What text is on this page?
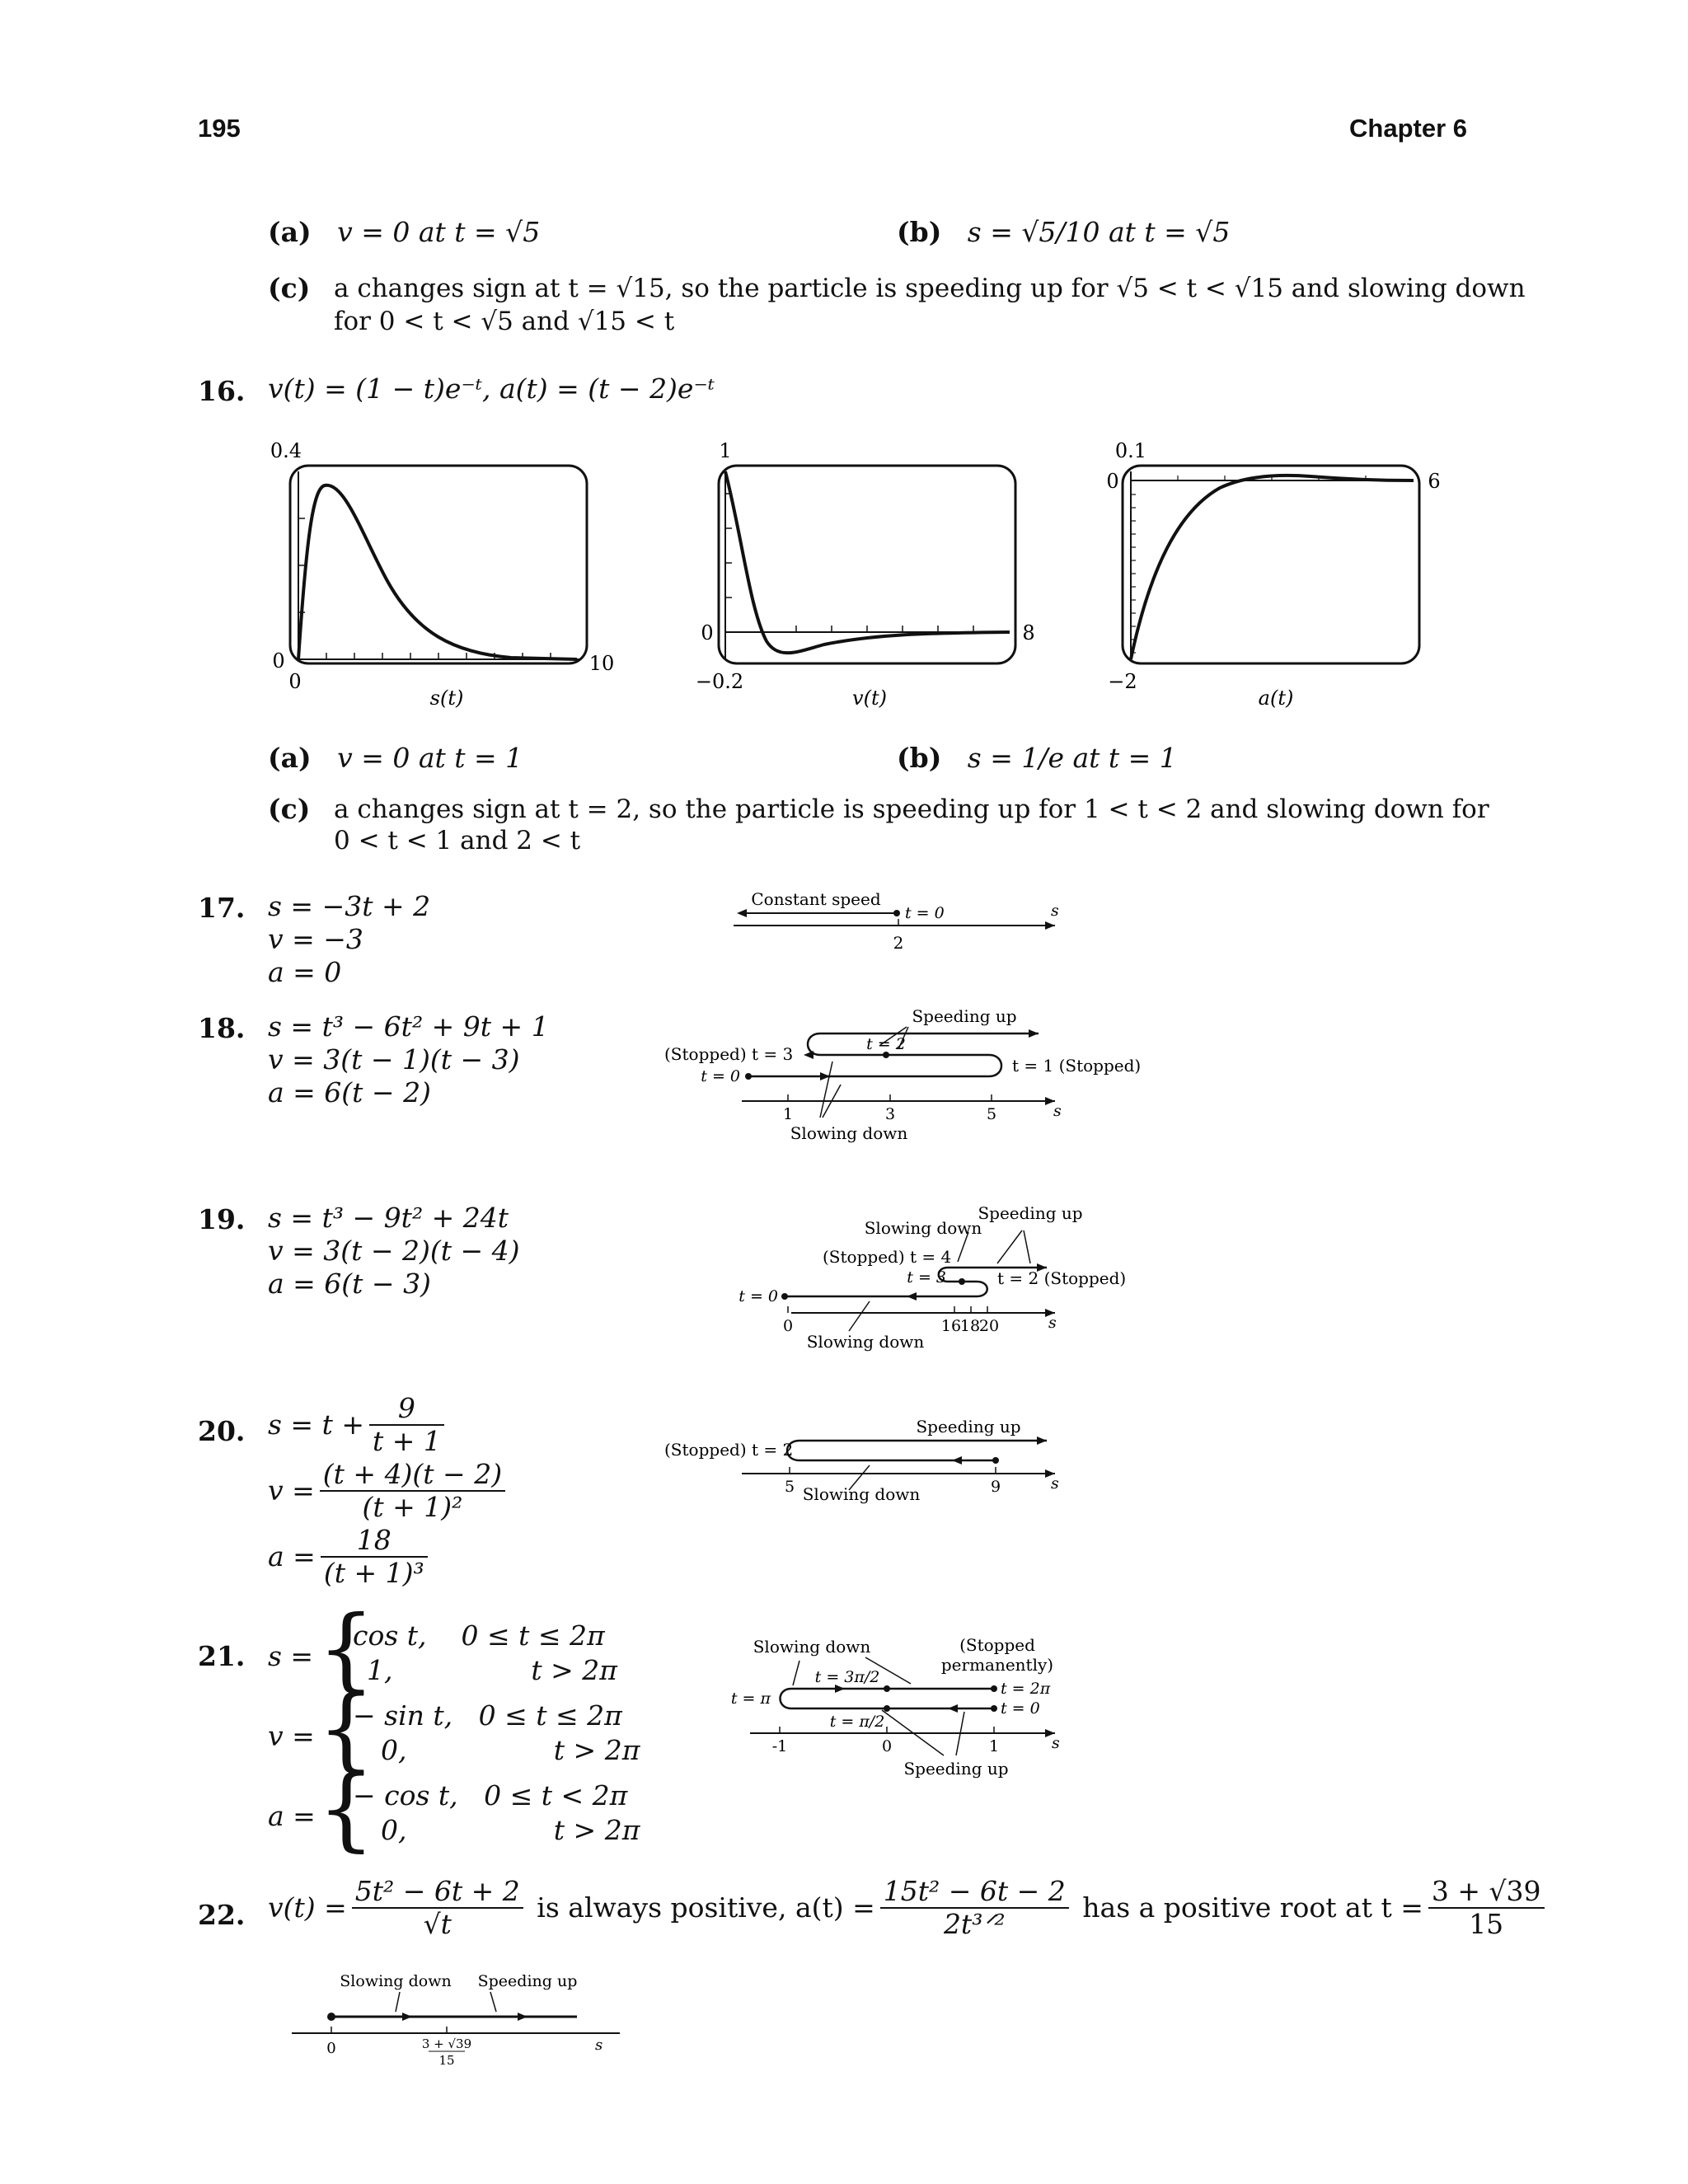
195	Chapter 6
(a) v = 0 at t = √5	(b) s = √5/10 at t = √5
(c) a changes sign at t = √15, so the particle is speeding up for √5 < t < √15 and slowing down
for 0 < t < √5 and √15 < t
16. v(t) = (1 − t)e⁻ᵗ, a(t) = (t − 2)e⁻ᵗ
0.4
0
0
10
s(t)
1
0	8
−0.2
v(t)
0.1
0	6
−2
a(t)
(a) v = 0 at t = 1	(b) s = 1/e at t = 1
(c) a changes sign at t = 2, so the particle is speeding up for 1 < t < 2 and slowing down for
0 < t < 1 and 2 < t
17. s = −3t + 2
v = −3
a = 0
Constant speed
t = 0
2
s
18. s = t³ − 6t² + 9t + 1
v = 3(t − 1)(t − 3)
a = 6(t − 2)
Speeding up
(Stopped) t = 3	t = 2
t = 1 (Stopped)
t = 0
1	3	5	s
Slowing down
19. s = t³ − 9t² + 24t
v = 3(t − 2)(t − 4)
a = 6(t − 3)
Speeding up
Slowing down
(Stopped) t = 4
t = 3	t = 2 (Stopped)
t = 0
0	16
18
20	s
Slowing down
20. $s = t + \frac{9}{t + 1}$
$v = \frac{(t + 4)(t - 2)}{\text{(t + 1)²}}$
$a = \frac{18}{\text{(t + 1)³}}$
Speeding up
(Stopped) t = 2
5	9	s
Slowing down
21. s = {
cos t,    0 ≤ t ≤ 2π
1,                t > 2π
v = {
− sin t,   0 ≤ t ≤ 2π
0,                 t > 2π
a = {
− cos t,   0 ≤ t < 2π
0,                 t > 2π
Slowing down	(Stopped
permanently)
t = 3π/2
t = 2π
t = π
t = 0
t = π/2
-1	0	1	s
Speeding up
22. $v(t) = \frac{\text{5t² − 6t + 2}}{√t}$ is always positive, $a(t) = \frac{\text{15t² − 6t − 2}}{\text{2t³ᐟ²}}$ has a positive root at $t = \frac{3 + √39}{15}$
Slowing down Speeding up
0	3 + √39
15
s
